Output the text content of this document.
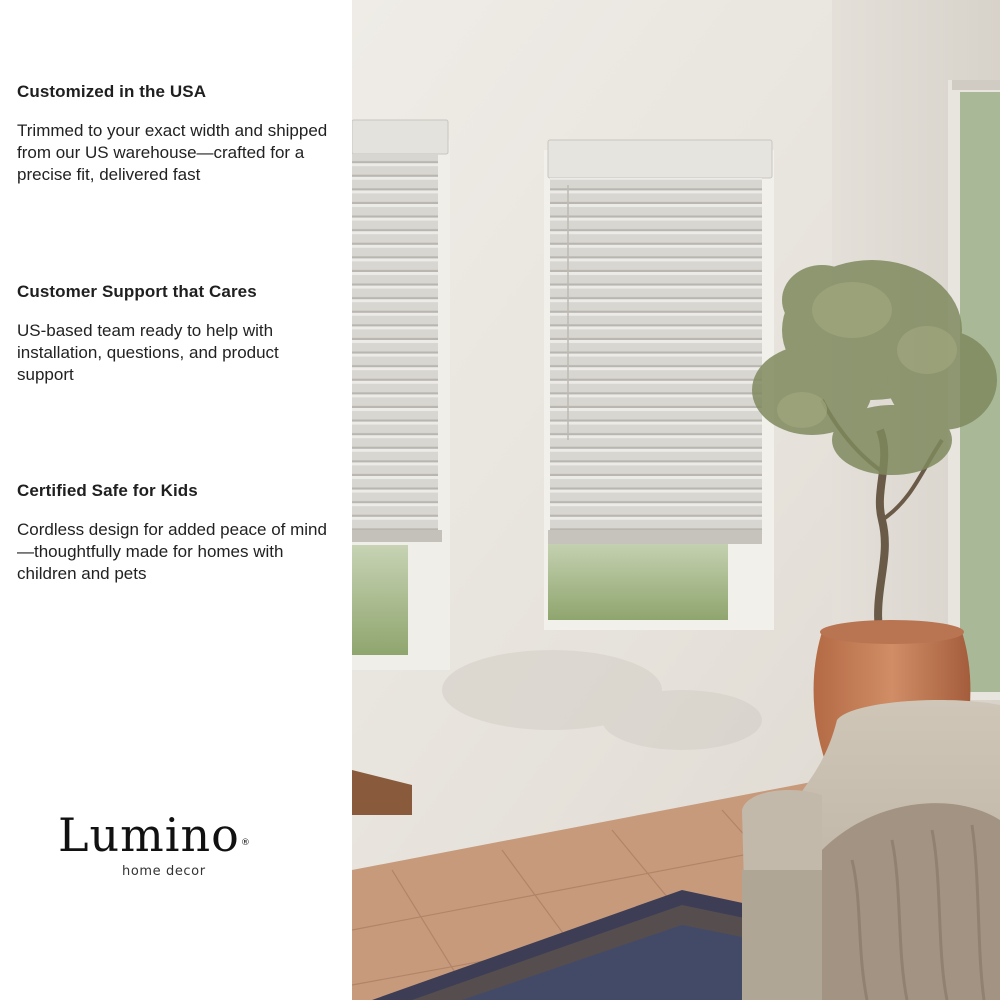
Customized in the USA

Trimmed to your exact width and shipped from our US warehouse—crafted for a precise fit, delivered fast

Customer Support that Cares

US-based team ready to help with installation, questions, and product support

Certified Safe for Kids

Cordless design for added peace of mind—thoughtfully made for homes with children and pets

Lumino®

home decor
